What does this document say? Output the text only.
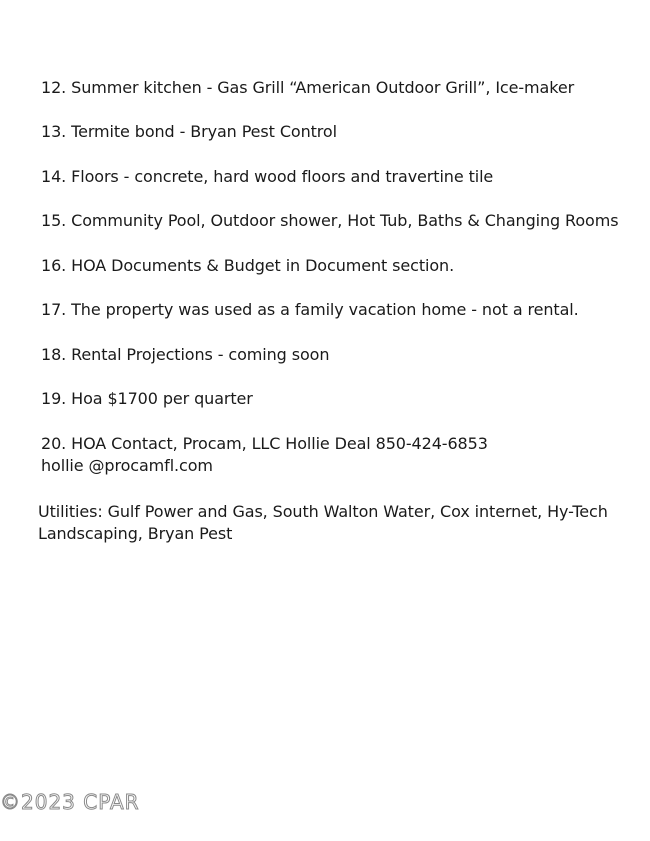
12. Summer kitchen - Gas Grill “American Outdoor Grill”, Ice-maker
13. Termite bond - Bryan Pest Control
14. Floors - concrete, hard wood floors and travertine tile
15. Community Pool, Outdoor shower, Hot Tub, Baths & Changing Rooms
16. HOA Documents & Budget in Document section.
17. The property was used as a family vacation home - not a rental.
18. Rental Projections - coming soon
19. Hoa $1700 per quarter
20. HOA Contact, Procam, LLC Hollie Deal 850-424-6853
hollie @procamfl.com
Utilities: Gulf Power and Gas, South Walton Water, Cox internet, Hy-Tech Landscaping, Bryan Pest
©2023 CPAR
